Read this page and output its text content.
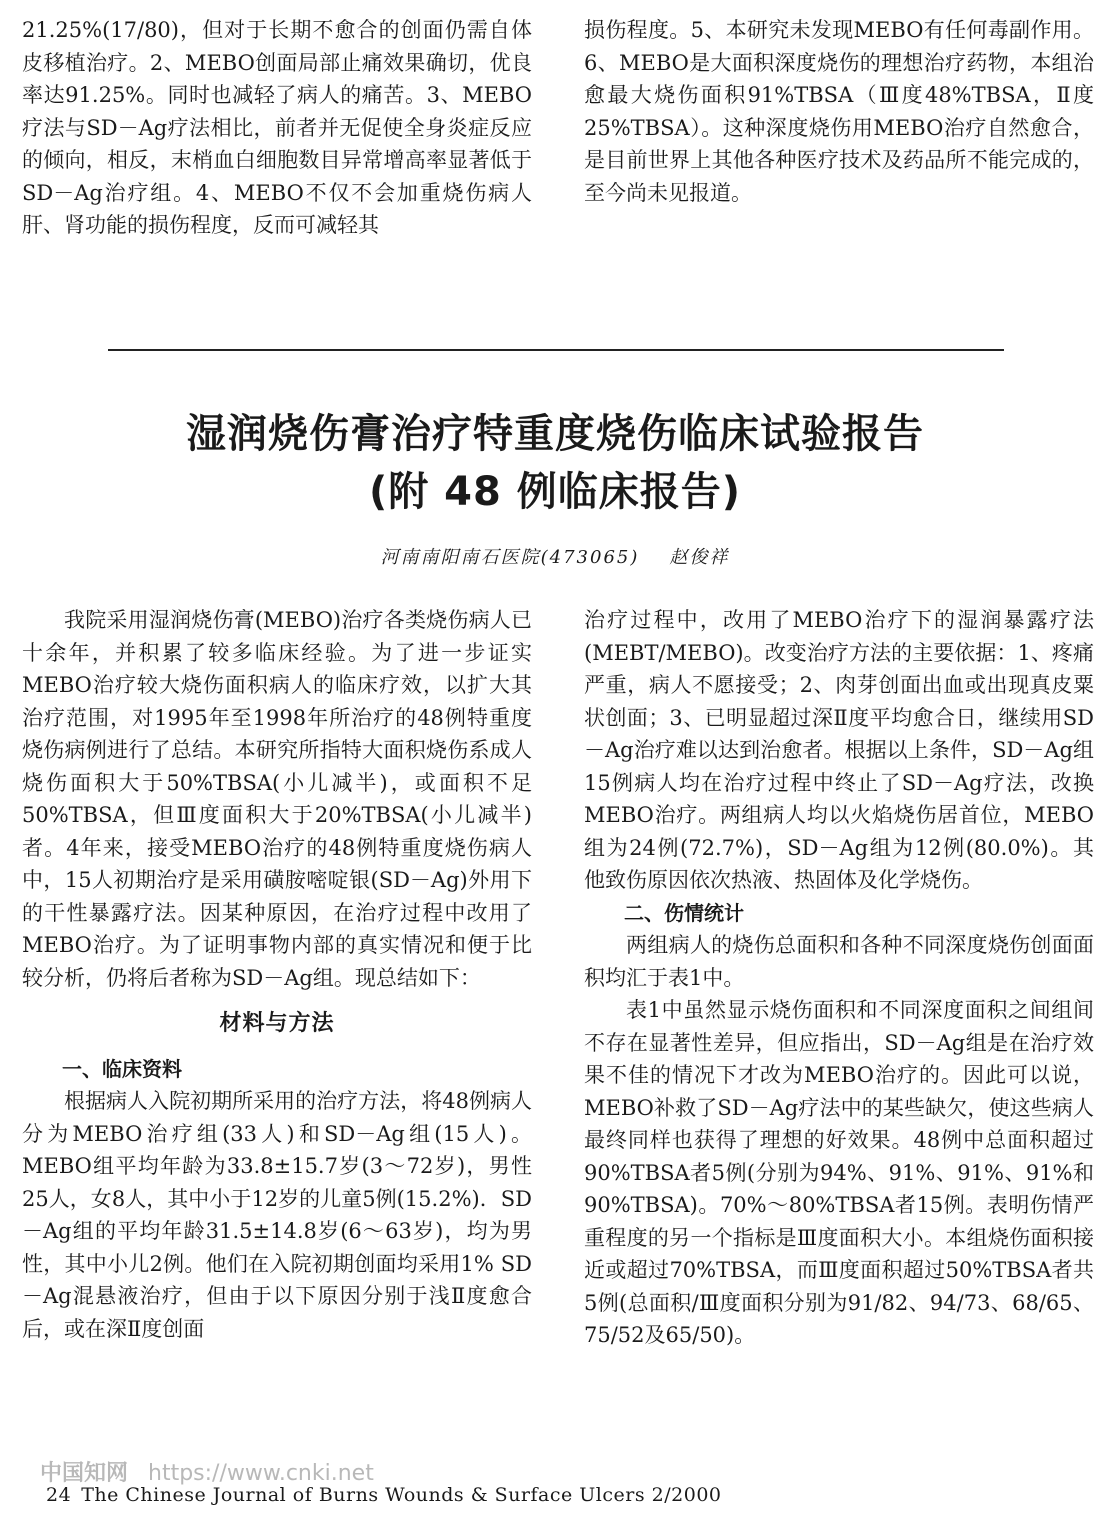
21.25%(17/80)，但对于长期不愈合的创面仍需自体皮移植治疗。2、MEBO创面局部止痛效果确切，优良率达91.25%。同时也减轻了病人的痛苦。3、MEBO疗法与SD－Ag疗法相比，前者并无促使全身炎症反应的倾向，相反，末梢血白细胞数目异常增高率显著低于SD－Ag治疗组。4、MEBO不仅不会加重烧伤病人肝、肾功能的损伤程度，反而可减轻其

损伤程度。5、本研究未发现MEBO有任何毒副作用。6、MEBO是大面积深度烧伤的理想治疗药物，本组治愈最大烧伤面积91%TBSA（Ⅲ度48%TBSA，Ⅱ度25%TBSA）。这种深度烧伤用MEBO治疗自然愈合，是目前世界上其他各种医疗技术及药品所不能完成的，至今尚未见报道。

湿润烧伤膏治疗特重度烧伤临床试验报告
(附 48 例临床报告)
河南南阳南石医院(473065) 赵俊祥

我院采用湿润烧伤膏(MEBO)治疗各类烧伤病人已十余年，并积累了较多临床经验。为了进一步证实MEBO治疗较大烧伤面积病人的临床疗效，以扩大其治疗范围，对1995年至1998年所治疗的48例特重度烧伤病例进行了总结。本研究所指特大面积烧伤系成人烧伤面积大于50%TBSA(小儿减半)，或面积不足50%TBSA，但Ⅲ度面积大于20%TBSA(小儿减半)者。4年来，接受MEBO治疗的48例特重度烧伤病人中，15人初期治疗是采用磺胺嘧啶银(SD－Ag)外用下的干性暴露疗法。因某种原因，在治疗过程中改用了MEBO治疗。为了证明事物内部的真实情况和便于比较分析，仍将后者称为SD－Ag组。现总结如下：

材料与方法

一、临床资料

根据病人入院初期所采用的治疗方法，将48例病人分为MEBO治疗组(33人)和SD－Ag组(15人)。MEBO组平均年龄为33.8±15.7岁(3～72岁)，男性25人，女8人，其中小于12岁的儿童5例(15.2%)．SD－Ag组的平均年龄31.5±14.8岁(6～63岁)，均为男性，其中小儿2例。他们在入院初期创面均采用1% SD－Ag混悬液治疗，但由于以下原因分别于浅Ⅱ度愈合后，或在深Ⅱ度创面

治疗过程中，改用了MEBO治疗下的湿润暴露疗法(MEBT/MEBO)。改变治疗方法的主要依据：1、疼痛严重，病人不愿接受；2、肉芽创面出血或出现真皮粟状创面；3、已明显超过深Ⅱ度平均愈合日，继续用SD－Ag治疗难以达到治愈者。根据以上条件，SD－Ag组15例病人均在治疗过程中终止了SD－Ag疗法，改换MEBO治疗。两组病人均以火焰烧伤居首位，MEBO组为24例(72.7%)，SD－Ag组为12例(80.0%)。其他致伤原因依次热液、热固体及化学烧伤。

二、伤情统计

两组病人的烧伤总面积和各种不同深度烧伤创面面积均汇于表1中。

表1中虽然显示烧伤面积和不同深度面积之间组间不存在显著性差异，但应指出，SD－Ag组是在治疗效果不佳的情况下才改为MEBO治疗的。因此可以说，MEBO补救了SD－Ag疗法中的某些缺欠，使这些病人最终同样也获得了理想的好效果。48例中总面积超过90%TBSA者5例(分别为94%、91%、91%、91%和90%TBSA)。70%～80%TBSA者15例。表明伤情严重程度的另一个指标是Ⅲ度面积大小。本组烧伤面积接近或超过70%TBSA，而Ⅲ度面积超过50%TBSA者共5例(总面积/Ⅲ度面积分别为91/82、94/73、68/65、75/52及65/50)。

中国知网 https://www.cnki.net
24 The Chinese Journal of Burns Wounds & Surface Ulcers 2/2000
